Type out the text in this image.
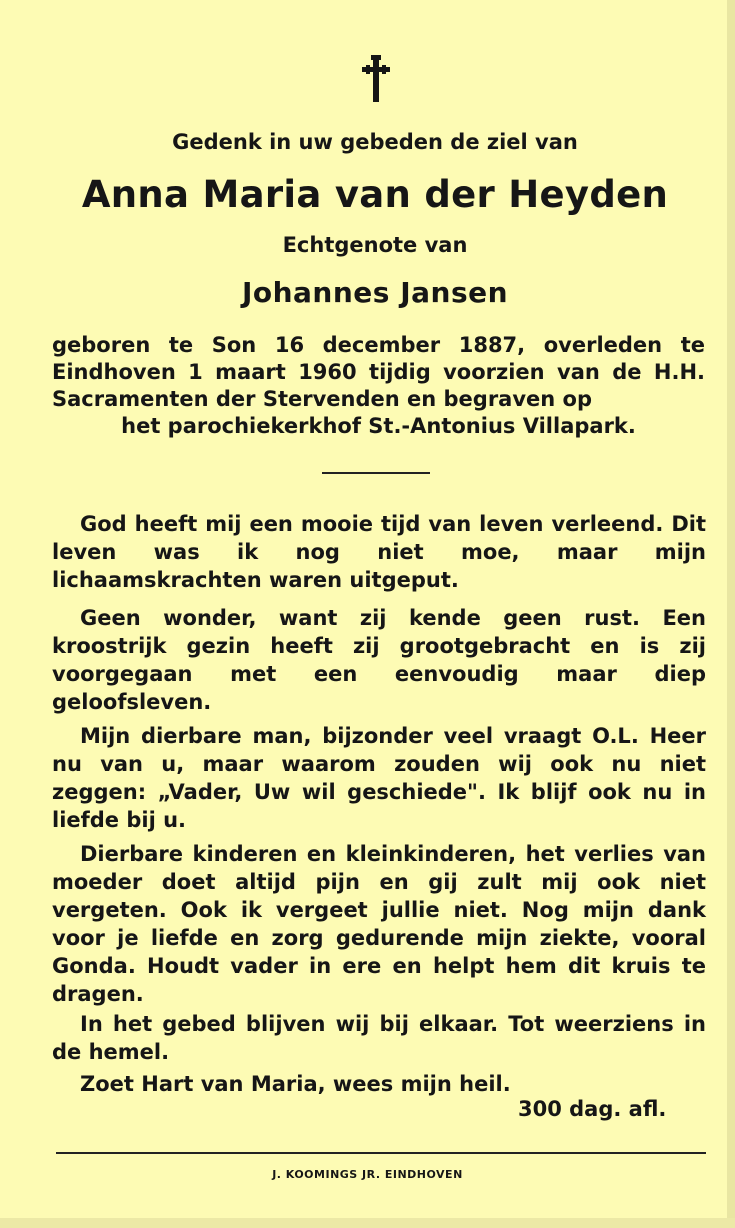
Gedenk in uw gebeden de ziel van
Anna Maria van der Heyden
Echtgenote van
Johannes Jansen
geboren te Son 16 december 1887, overleden te Eindhoven 1 maart 1960 tijdig voorzien van de H.H. Sacramenten der Stervenden en begraven op
het parochiekerkhof St.-Antonius Villapark.
God heeft mij een mooie tijd van leven verleend. Dit leven was ik nog niet moe, maar mijn lichaamskrachten waren uitgeput.
Geen wonder, want zij kende geen rust. Een kroostrijk gezin heeft zij grootgebracht en is zij voorgegaan met een eenvoudig maar diep geloofsleven.
Mijn dierbare man, bijzonder veel vraagt O.L. Heer nu van u, maar waarom zouden wij ook nu niet zeggen: „Vader, Uw wil geschiede". Ik blijf ook nu in liefde bij u.
Dierbare kinderen en kleinkinderen, het verlies van moeder doet altijd pijn en gij zult mij ook niet vergeten. Ook ik vergeet jullie niet. Nog mijn dank voor je liefde en zorg gedurende mijn ziekte, vooral Gonda. Houdt vader in ere en helpt hem dit kruis te dragen.
In het gebed blijven wij bij elkaar. Tot weerziens in de hemel.
Zoet Hart van Maria, wees mijn heil.
300 dag. afl.
J. KOOMINGS JR. EINDHOVEN
